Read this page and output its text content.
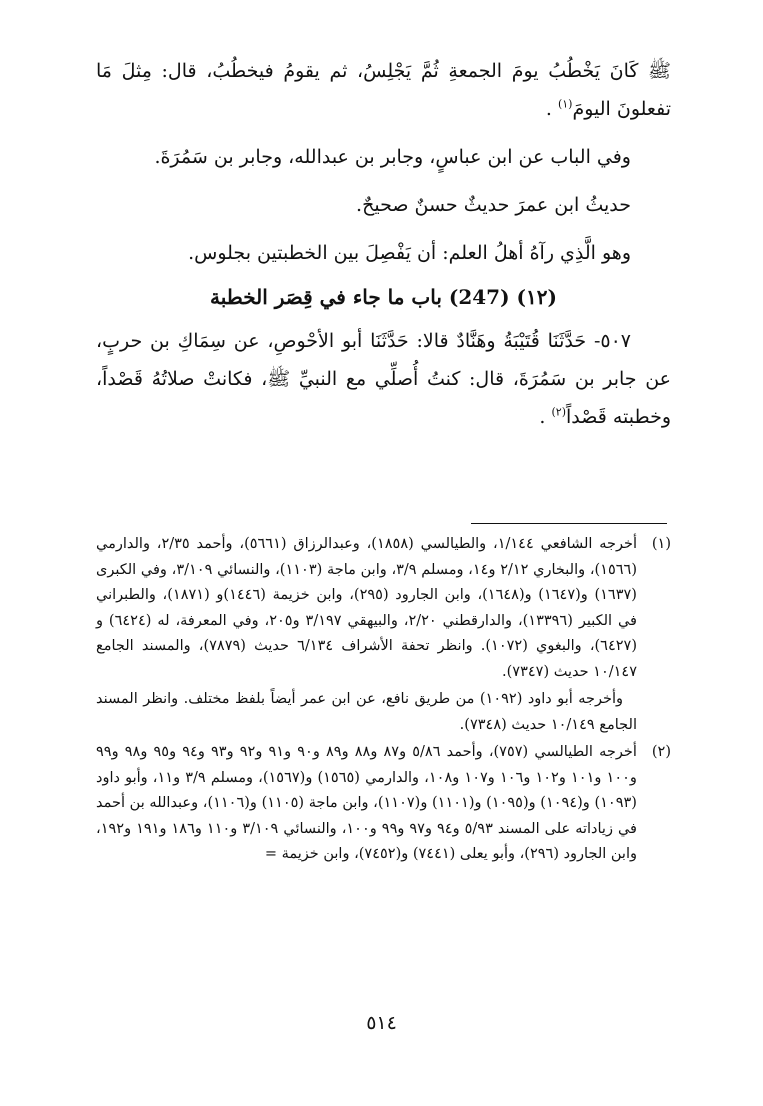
ﷺ كَانَ يَخْطُبُ يومَ الجمعةِ ثُمَّ يَجْلِسُ، ثم يقومُ فيخطُبُ، قال: مِثلَ مَا تفعلونَ اليومَ$^{(١)}$ .

وفي الباب عن ابن عباسٍ، وجابر بن عبدالله، وجابر بن سَمُرَةَ.

حديثُ ابن عمرَ حديثٌ حسنٌ صحيحٌ.

وهو الَّذِي رآهُ أهلُ العلم: أن يَفْصِلَ بين الخطبتين بجلوس.

(١٢) (247) باب ما جاء في قِصَر الخطبة

٥٠٧- حَدَّثَنَا قُتَيْبَةُ وهَنَّادٌ قالا: حَدَّثَنَا أبو الأحْوصِ، عن سِمَاكِ بن حربٍ، عن جابر بن سَمُرَةَ، قال: كنتُ أُصلِّي مع النبيِّ ﷺ، فكانتْ صلاتُهُ قَصْداً، وخطبته قَصْداً$^{(٢)}$ .

(١)

أخرجه الشافعي ١/١٤٤، والطيالسي (١٨٥٨)، وعبدالرزاق (٥٦٦١)، وأحمد ٢/٣٥، والدارمي (١٥٦٦)، والبخاري ٢/١٢ و١٤، ومسلم ٣/٩، وابن ماجة (١١٠٣)، والنسائي ٣/١٠٩، وفي الكبرى (١٦٣٧) و(١٦٤٧) و(١٦٤٨)، وابن الجارود (٢٩٥)، وابن خزيمة (١٤٤٦)و (١٨٧١)، والطبراني في الكبير (١٣٣٩٦)، والدارقطني ٢/٢٠، والبيهقي ٣/١٩٧ و٢٠٥، وفي المعرفة، له (٦٤٢٤) و (٦٤٢٧)، والبغوي (١٠٧٢). وانظر تحفة الأشراف ٦/١٣٤ حديث (٧٨٧٩)، والمسند الجامع ١٠/١٤٧ حديث (٧٣٤٧).

وأخرجه أبو داود (١٠٩٢) من طريق نافع، عن ابن عمر أيضاً بلفظ مختلف. وانظر المسند الجامع ١٠/١٤٩ حديث (٧٣٤٨).

(٢)

أخرجه الطيالسي (٧٥٧)، وأحمد ٥/٨٦ و٨٧ و٨٨ و٨٩ و٩٠ و٩١ و٩٢ و٩٣ و٩٤ و٩٥ و٩٨ و٩٩ و١٠٠ و١٠١ و١٠٢ و١٠٦ و١٠٧ و١٠٨، والدارمي (١٥٦٥) و(١٥٦٧)، ومسلم ٣/٩ و١١، وأبو داود (١٠٩٣) و(١٠٩٤) و(١٠٩٥) و(١١٠١) و(١١٠٧)، وابن ماجة (١١٠٥) و(١١٠٦)، وعبدالله بن أحمد في زياداته على المسند ٥/٩٣ و٩٤ و٩٧ و٩٩ و١٠٠، والنسائي ٣/١٠٩ و١١٠ و١٨٦ و١٩١ و١٩٢، وابن الجارود (٢٩٦)، وأبو يعلى (٧٤٤١) و(٧٤٥٢)، وابن خزيمة =

٥١٤
